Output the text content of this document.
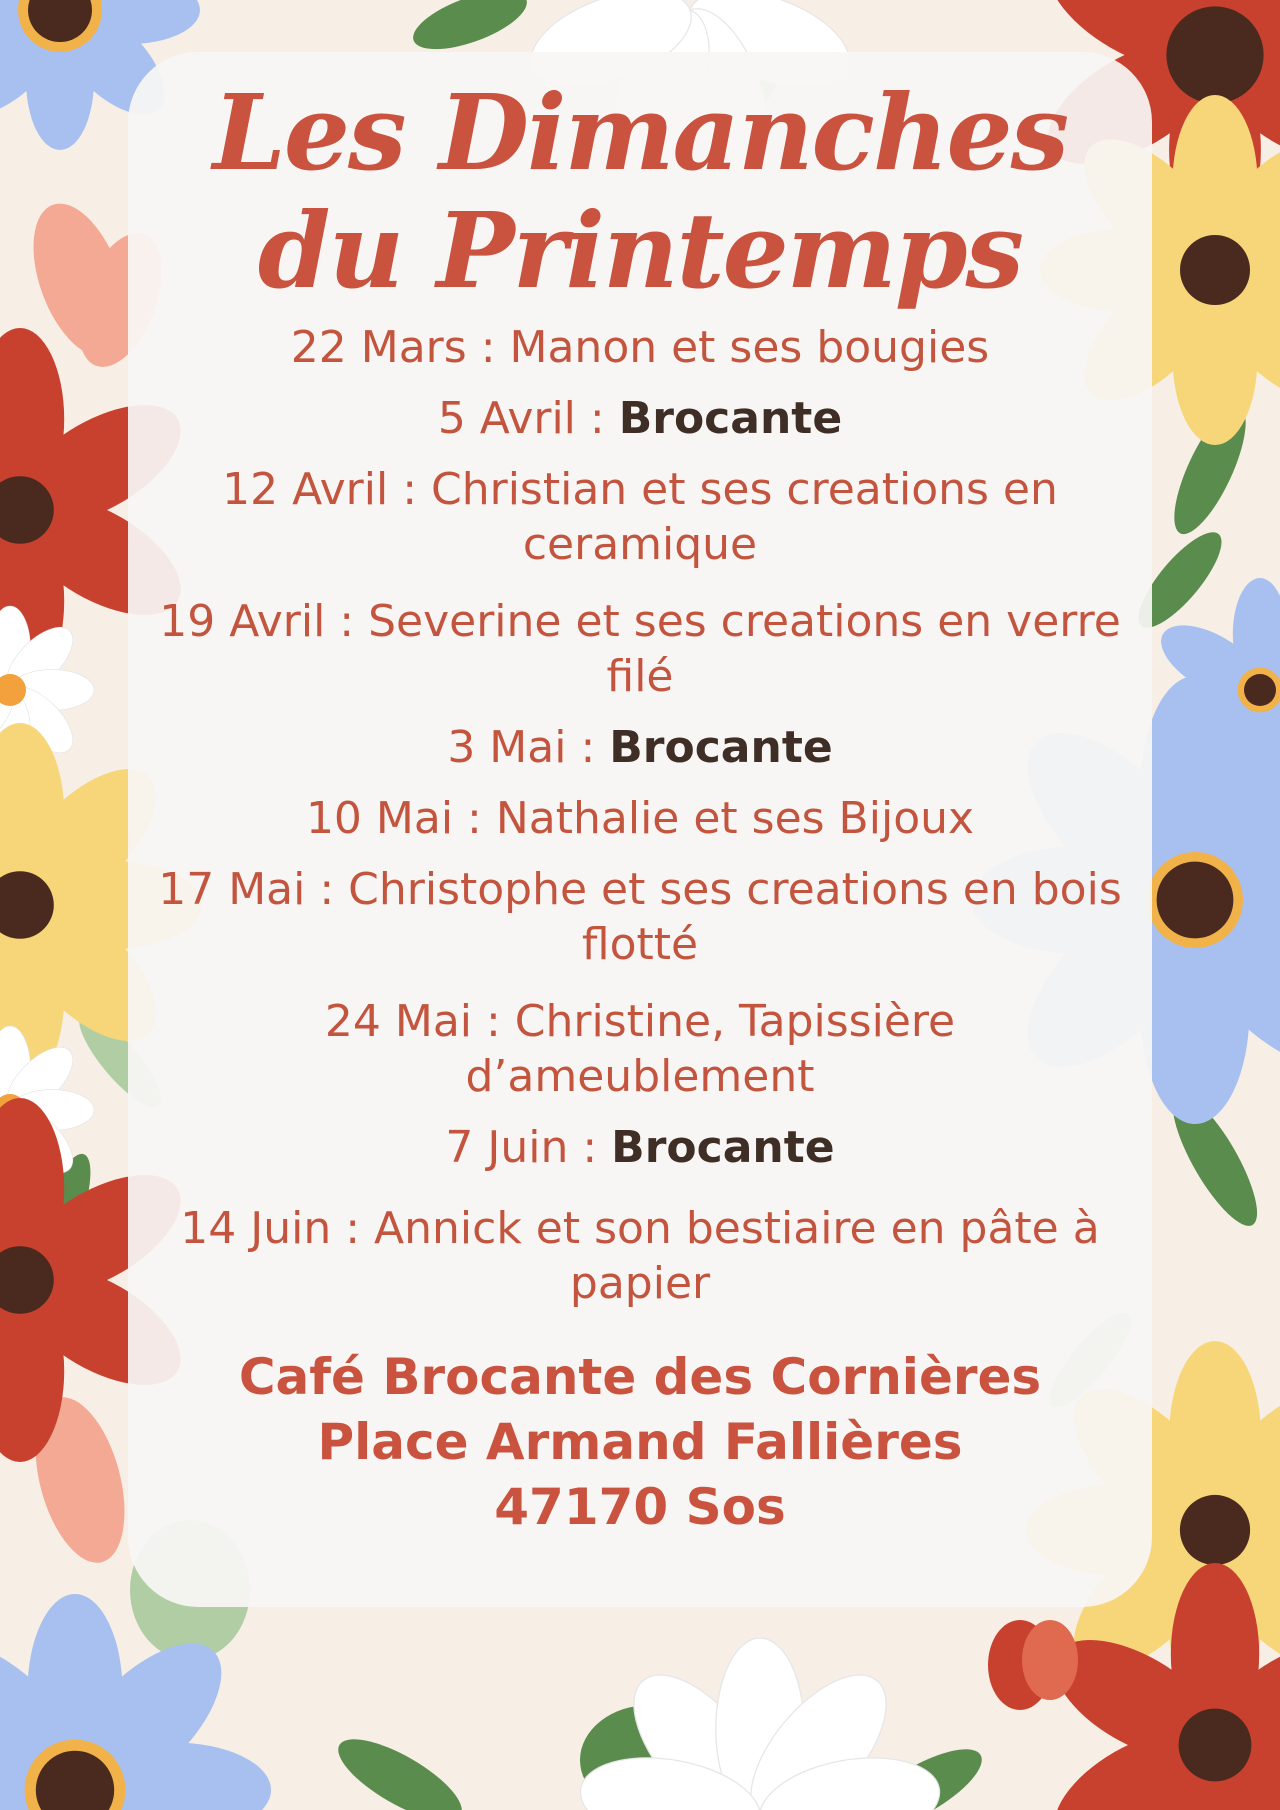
Les Dimanches
du Printemps
22 Mars : Manon et ses bougies
5 Avril : Brocante
12 Avril : Christian et ses creations en ceramique
19 Avril : Severine et ses creations en verre filé
3 Mai : Brocante
10 Mai : Nathalie et ses Bijoux
17 Mai : Christophe et ses creations en bois flotté
24 Mai : Christine, Tapissière d’ameublement
7 Juin : Brocante
14 Juin : Annick et son bestiaire en pâte à papier
Café Brocante des Cornières
Place Armand Fallières
47170 Sos
